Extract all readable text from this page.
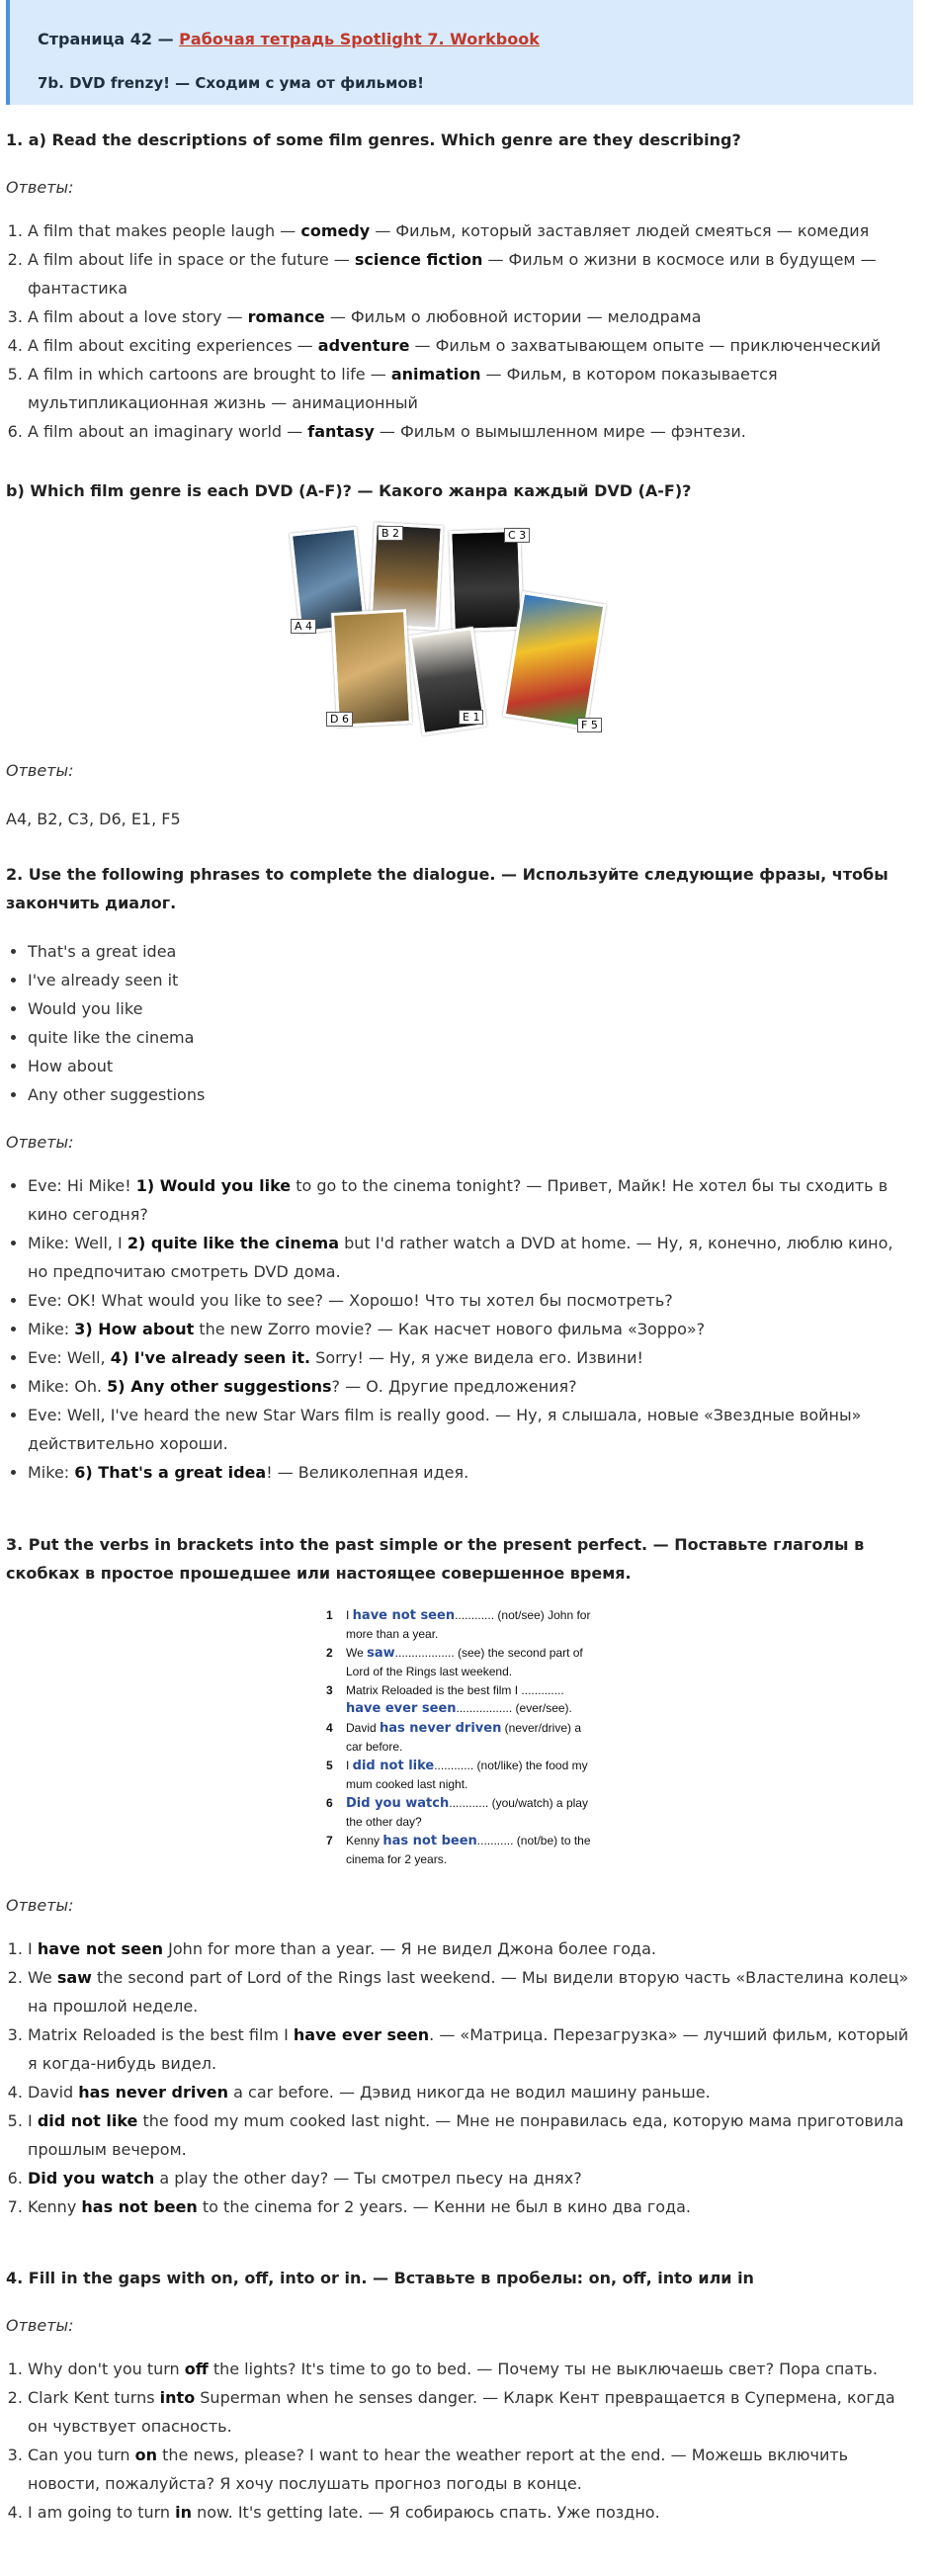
Страница 42 — Рабочая тетрадь Spotlight 7. Workbook
7b. DVD frenzy! — Сходим с ума от фильмов!
1. a) Read the descriptions of some film genres. Which genre are they describing?
Ответы:
1. A film that makes people laugh — comedy — Фильм, который заставляет людей смеяться — комедия
2. A film about life in space or the future — science fiction — Фильм о жизни в космосе или в будущем — фантастика
3. A film about a love story — romance — Фильм о любовной истории — мелодрама
4. A film about exciting experiences — adventure — Фильм о захватывающем опыте — приключенческий
5. A film in which cartoons are brought to life — animation — Фильм, в котором показывается мультипликационная жизнь — анимационный
6. A film about an imaginary world — fantasy — Фильм о вымышленном мире — фэнтези.
b) Which film genre is each DVD (A-F)? — Какого жанра каждый DVD (A-F)?
A 4
B 2	C 3
D 6	E 1
F 5
Ответы:
A4, B2, C3, D6, E1, F5
2. Use the following phrases to complete the dialogue. — Используйте следующие фразы, чтобы закончить диалог.
• That's a great idea
• I've already seen it
• Would you like
• quite like the cinema
• How about
• Any other suggestions
Ответы:
• Eve: Hi Mike! 1) Would you like to go to the cinema tonight? — Привет, Майк! Не хотел бы ты сходить в кино сегодня?
• Mike: Well, I 2) quite like the cinema but I'd rather watch a DVD at home. — Ну, я, конечно, люблю кино, но предпочитаю смотреть DVD дома.
• Eve: OK! What would you like to see? — Хорошо! Что ты хотел бы посмотреть?
• Mike: 3) How about the new Zorro movie? — Как насчет нового фильма «Зорро»?
• Eve: Well, 4) I've already seen it. Sorry! — Ну, я уже видела его. Извини!
• Mike: Oh. 5) Any other suggestions? — О. Другие предложения?
• Eve: Well, I've heard the new Star Wars film is really good. — Ну, я слышала, новые «Звездные войны» действительно хороши.
• Mike: 6) That's a great idea! — Великолепная идея.
3. Put the verbs in brackets into the past simple or the present perfect. — Поставьте глаголы в скобках в простое прошедшее или настоящее совершенное время.
1	I have not seen............ (not/see) John for more than a year.
2	We saw.................. (see) the second part of Lord of the Rings last weekend.
3	Matrix Reloaded is the best film I ............. have ever seen................. (ever/see).
4	David has never driven (never/drive) a car before.
5	I did not like............ (not/like) the food my mum cooked last night.
6	Did you watch............ (you/watch) a play the other day?
7	Kenny has not been........... (not/be) to the cinema for 2 years.
Ответы:
1. I have not seen John for more than a year. — Я не видел Джона более года.
2. We saw the second part of Lord of the Rings last weekend. — Мы видели вторую часть «Властелина колец» на прошлой неделе.
3. Matrix Reloaded is the best film I have ever seen. — «Матрица. Перезагрузка» — лучший фильм, который я когда-нибудь видел.
4. David has never driven a car before. — Дэвид никогда не водил машину раньше.
5. I did not like the food my mum cooked last night. — Мне не понравилась еда, которую мама приготовила прошлым вечером.
6. Did you watch a play the other day? — Ты смотрел пьесу на днях?
7. Kenny has not been to the cinema for 2 years. — Кенни не был в кино два года.
4. Fill in the gaps with on, off, into or in. — Вставьте в пробелы: on, off, into или in
Ответы:
1. Why don't you turn off the lights? It's time to go to bed. — Почему ты не выключаешь свет? Пора спать.
2. Clark Kent turns into Superman when he senses danger. — Кларк Кент превращается в Супермена, когда он чувствует опасность.
3. Can you turn on the news, please? I want to hear the weather report at the end. — Можешь включить новости, пожалуйста? Я хочу послушать прогноз погоды в конце.
4. I am going to turn in now. It's getting late. — Я собираюсь спать. Уже поздно.
